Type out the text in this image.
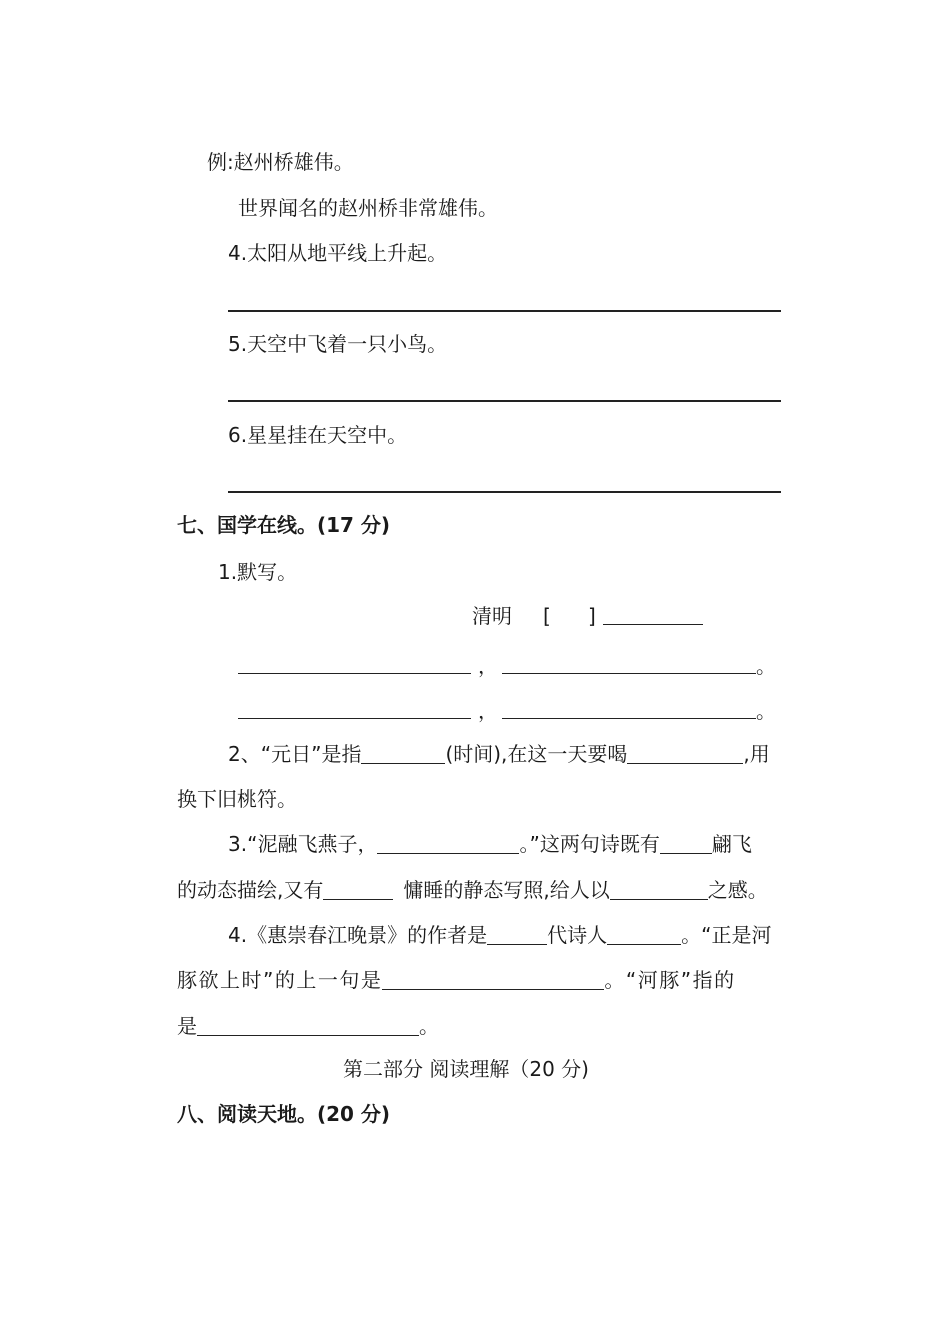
例:赵州桥雄伟。
世界闻名的赵州桥非常雄伟。
4.太阳从地平线上升起。
5.天空中飞着一只小鸟。
6.星星挂在天空中。
七、国学在线。(17 分)
1.默写。
清明 [ ]
，	。
，	。
2、“元日”是指	(时间),在这一天要喝	,用
换下旧桃符。
3.“泥融飞燕子，	。”这两句诗既有	翩飞
的动态描绘,又有	慵睡的静态写照,给人以	之感。
4.《惠崇春江晚景》的作者是	代诗人	。“正是河
豚欲上时”的上一句是	。“河豚”指的
是	。
第二部分 阅读理解（20 分)
八、阅读天地。(20 分)
